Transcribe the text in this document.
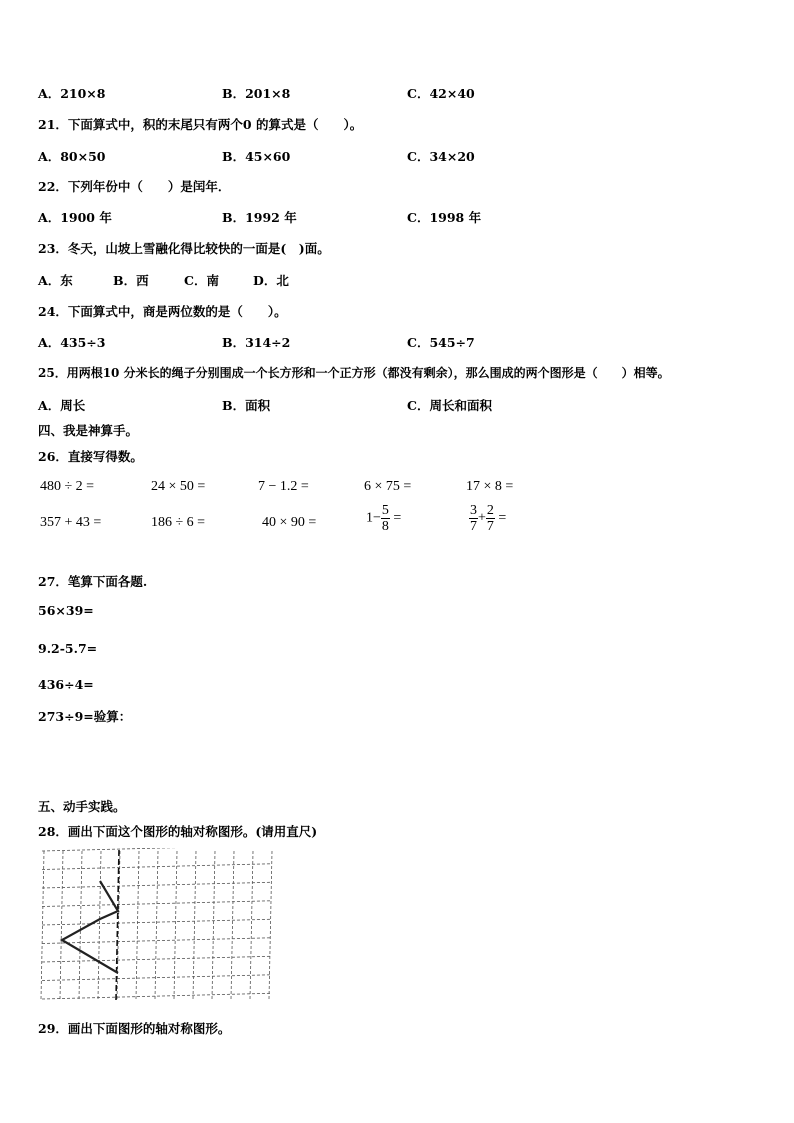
A．210×8	B．201×8	C．42×40
21．下面算式中，积的末尾只有两个0 的算式是（　　）。
A．80×50	B．45×60	C．34×20
22．下列年份中（　　）是闰年．
A．1900 年	B．1992 年	C．1998 年
23．冬天，山坡上雪融化得比较快的一面是(　)面。
A．东	B．西	C．南	D．北
24．下面算式中，商是两位数的是（　　）。
A．435÷3	B．314÷2	C．545÷7
25．用两根10 分米长的绳子分别围成一个长方形和一个正方形（都没有剩余），那么围成的两个图形是（　　）相等。
A．周长	B．面积	C．周长和面积
四、我是神算手。
26．直接写得数。
480 ÷ 2 =	24 × 50 =	7 − 1.2 =	6 × 75 =	17 × 8 =
357 + 43 =	186 ÷ 6 =	40 × 90 =	$1- \frac{5}{8}$ =	$\frac{3}{7} + \frac{2}{7}$ =
27．笔算下面各题.
56×39=
9.2-5.7=
436÷4=
273÷9=验算：
五、动手实践。
28．画出下面这个图形的轴对称图形。(请用直尺)
29．画出下面图形的轴对称图形。
